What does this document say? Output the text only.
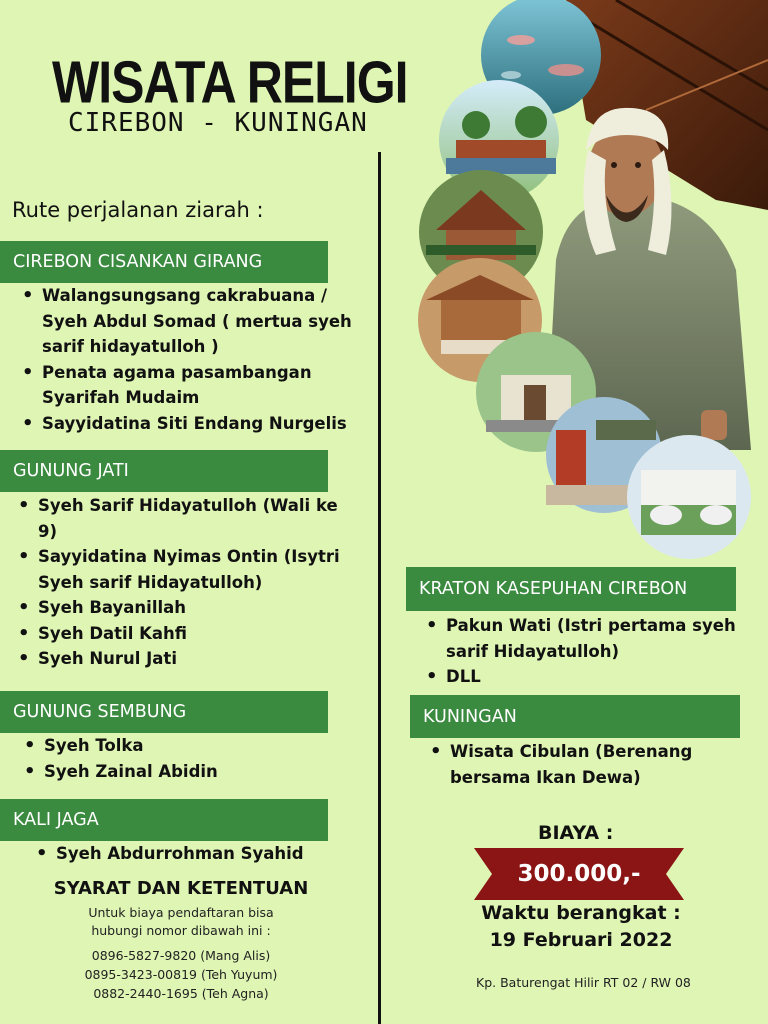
WISATA RELIGI
CIREBON - KUNINGAN
Rute perjalanan ziarah :
CIREBON CISANKAN GIRANG
• Walangsungsang cakrabuana / Syeh Abdul Somad ( mertua syeh sarif hidayatulloh )
• Penata agama pasambangan Syarifah Mudaim
• Sayyidatina Siti Endang Nurgelis
GUNUNG JATI
• Syeh Sarif Hidayatulloh (Wali ke 9)
• Sayyidatina Nyimas Ontin (Isytri Syeh sarif Hidayatulloh)
• Syeh Bayanillah
• Syeh Datil Kahfi
• Syeh Nurul Jati
GUNUNG SEMBUNG
• Syeh Tolka
• Syeh Zainal Abidin
KALI JAGA
• Syeh Abdurrohman Syahid
SYARAT DAN KETENTUAN
Untuk biaya pendaftaran bisa
hubungi nomor dibawah ini :
0896-5827-9820 (Mang Alis)
0895-3423-00819 (Teh Yuyum)
0882-2440-1695 (Teh Agna)
KRATON KASEPUHAN CIREBON
• Pakun Wati (Istri pertama syeh sarif Hidayatulloh)
• DLL
KUNINGAN
• Wisata Cibulan (Berenang bersama Ikan Dewa)
BIAYA :
300.000,-
Waktu berangkat :
19 Februari 2022
Kp. Baturengat Hilir RT 02 / RW 08
